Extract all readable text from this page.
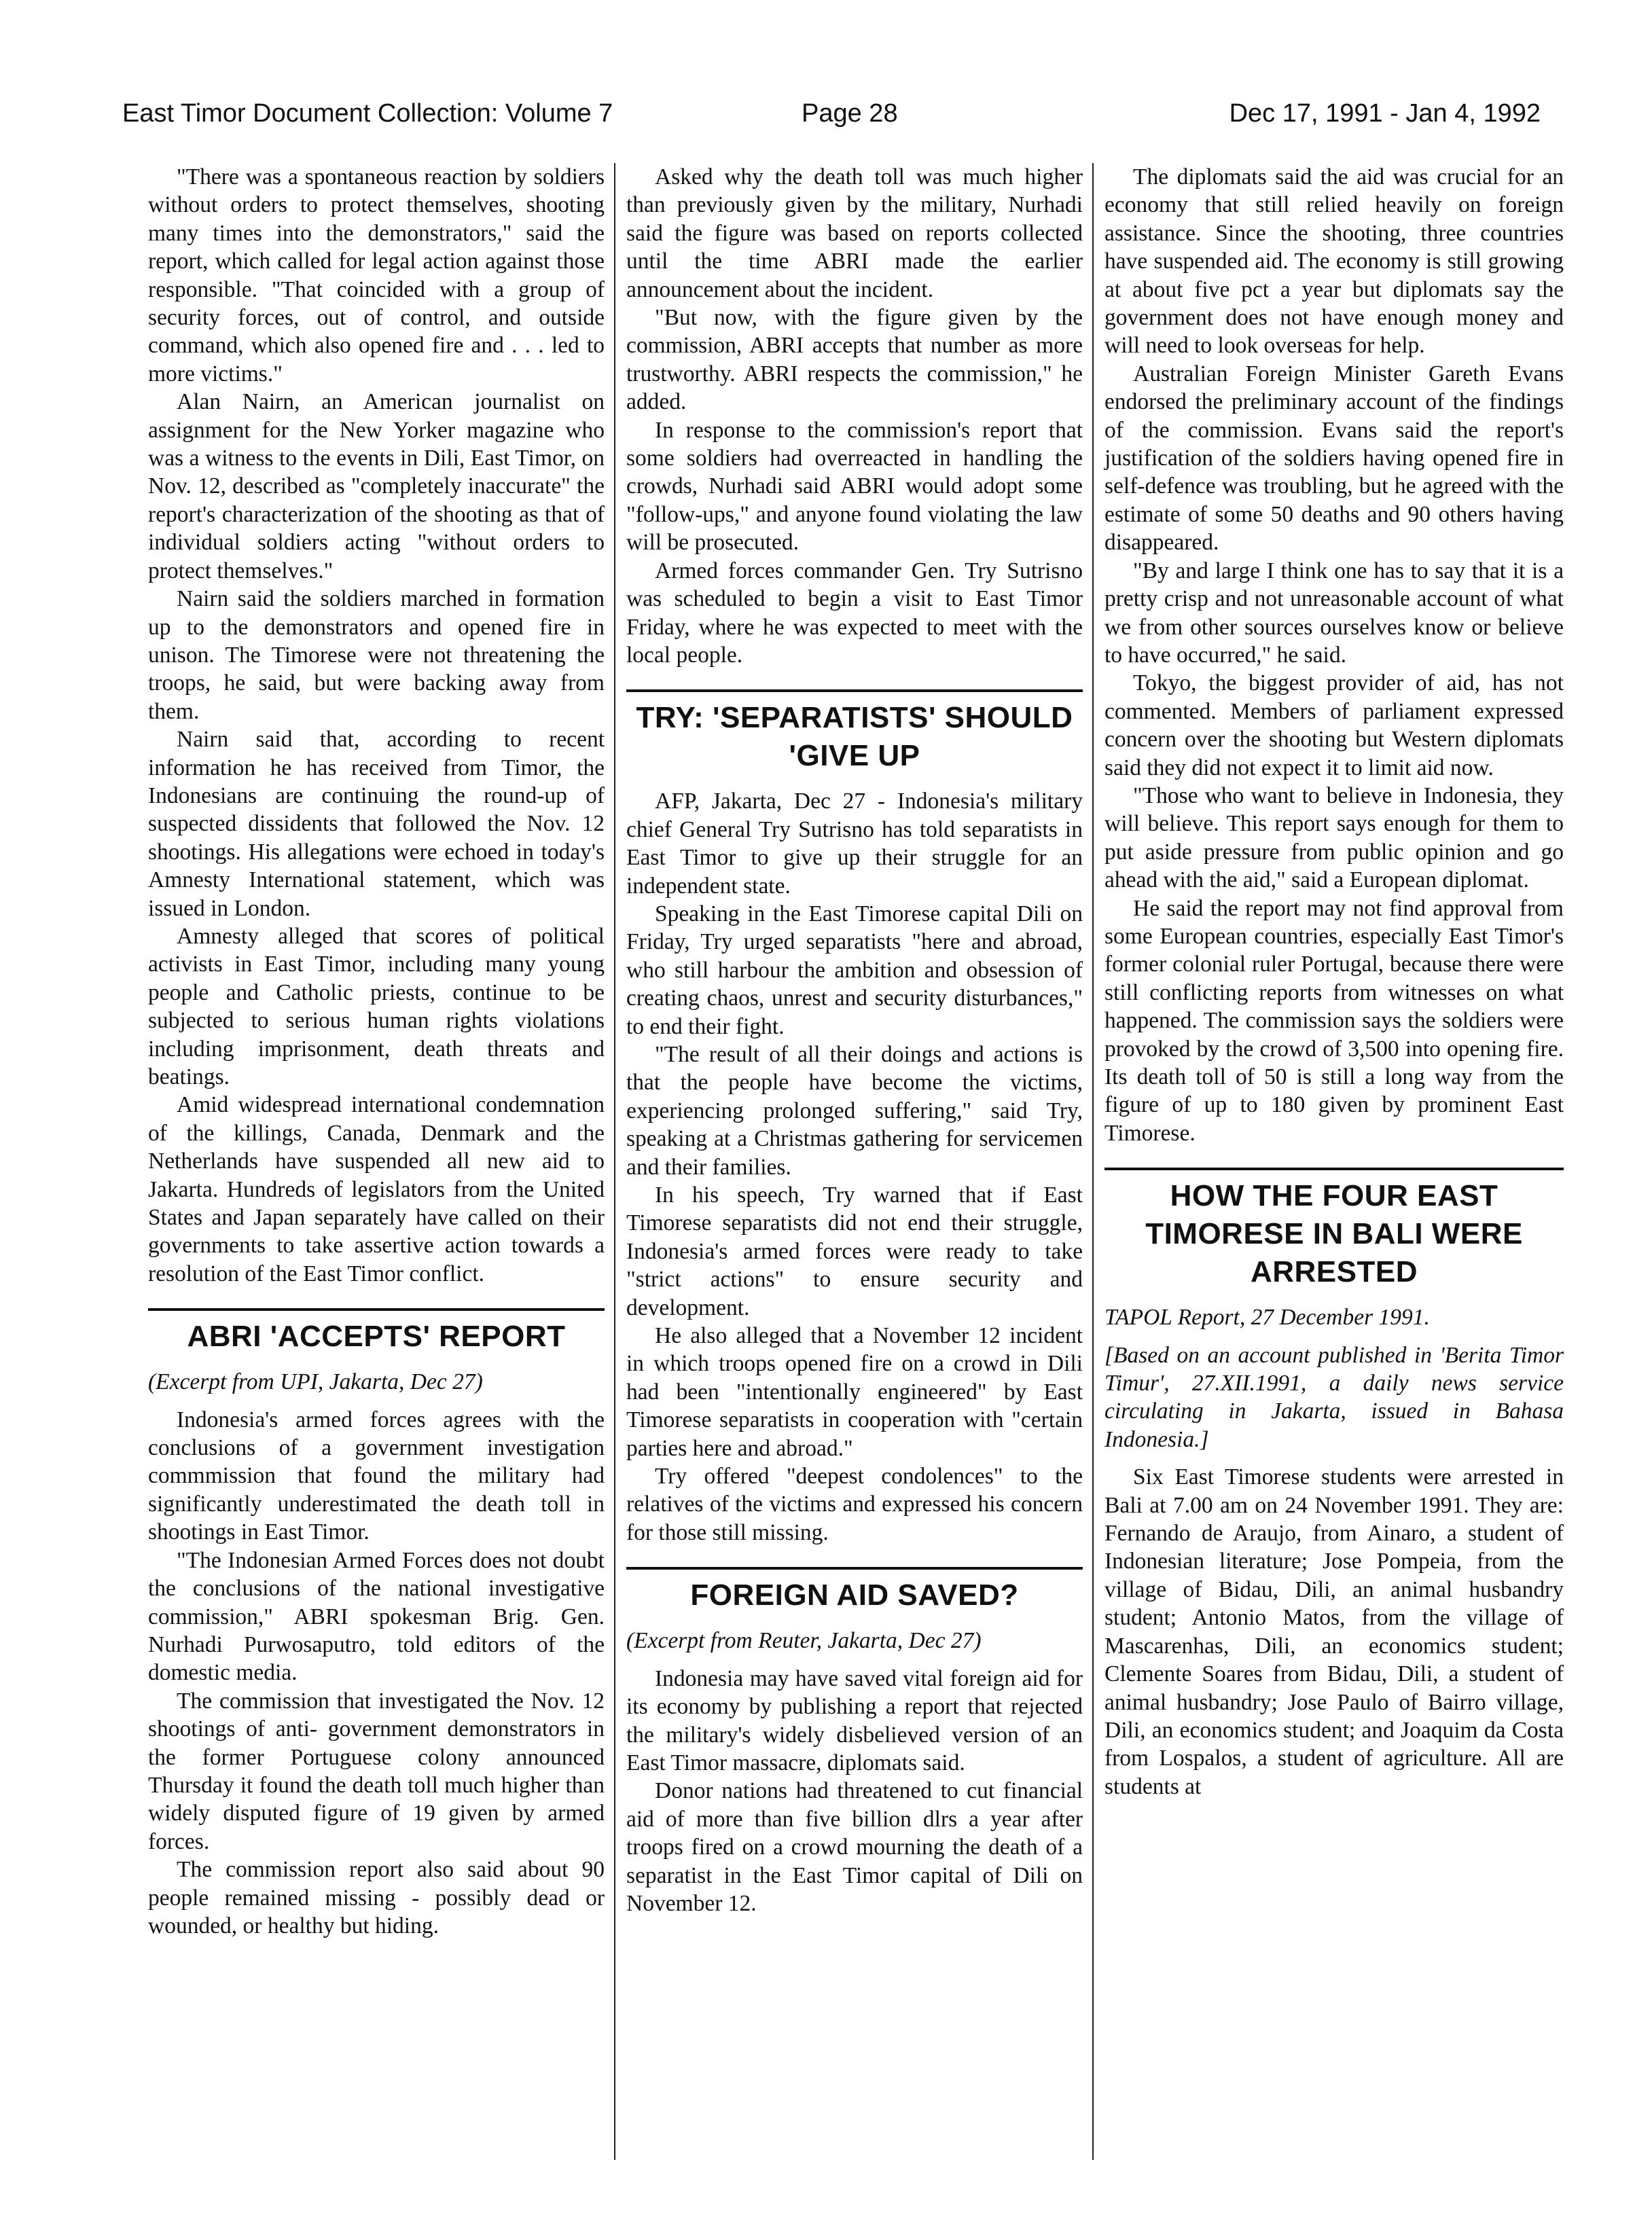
East Timor Document Collection: Volume 7	Page 28	Dec 17, 1991 - Jan 4, 1992

"There was a spontaneous reaction by soldiers without orders to protect themselves, shooting many times into the demonstrators," said the report, which called for legal action against those responsible. "That coincided with a group of security forces, out of control, and outside command, which also opened fire and . . . led to more victims."

Alan Nairn, an American journalist on assignment for the New Yorker magazine who was a witness to the events in Dili, East Timor, on Nov. 12, described as "completely inaccurate" the report's characterization of the shooting as that of individual soldiers acting "without orders to protect themselves."

Nairn said the soldiers marched in formation up to the demonstrators and opened fire in unison. The Timorese were not threatening the troops, he said, but were backing away from them.

Nairn said that, according to recent information he has received from Timor, the Indonesians are continuing the round-up of suspected dissidents that followed the Nov. 12 shootings. His allegations were echoed in today's Amnesty International statement, which was issued in London.

Amnesty alleged that scores of political activists in East Timor, including many young people and Catholic priests, continue to be subjected to serious human rights violations including imprisonment, death threats and beatings.

Amid widespread international condemnation of the killings, Canada, Denmark and the Netherlands have suspended all new aid to Jakarta. Hundreds of legislators from the United States and Japan separately have called on their governments to take assertive action towards a resolution of the East Timor conflict.

ABRI 'ACCEPTS' REPORT

(Excerpt from UPI, Jakarta, Dec 27)

Indonesia's armed forces agrees with the conclusions of a government investigation commmission that found the military had significantly underestimated the death toll in shootings in East Timor.

"The Indonesian Armed Forces does not doubt the conclusions of the national investigative commission," ABRI spokesman Brig. Gen. Nurhadi Purwosaputro, told editors of the domestic media.

The commission that investigated the Nov. 12 shootings of anti- government demonstrators in the former Portuguese colony announced Thursday it found the death toll much higher than widely disputed figure of 19 given by armed forces.

The commission report also said about 90 people remained missing - possibly dead or wounded, or healthy but hiding.

Asked why the death toll was much higher than previously given by the military, Nurhadi said the figure was based on reports collected until the time ABRI made the earlier announcement about the incident.

"But now, with the figure given by the commission, ABRI accepts that number as more trustworthy. ABRI respects the commission," he added.

In response to the commission's report that some soldiers had overreacted in handling the crowds, Nurhadi said ABRI would adopt some "follow-ups," and anyone found violating the law will be prosecuted.

Armed forces commander Gen. Try Sutrisno was scheduled to begin a visit to East Timor Friday, where he was expected to meet with the local people.

TRY: 'SEPARATISTS' SHOULD 'GIVE UP

AFP, Jakarta, Dec 27 - Indonesia's military chief General Try Sutrisno has told separatists in East Timor to give up their struggle for an independent state.

Speaking in the East Timorese capital Dili on Friday, Try urged separatists "here and abroad, who still harbour the ambition and obsession of creating chaos, unrest and security disturbances," to end their fight.

"The result of all their doings and actions is that the people have become the victims, experiencing prolonged suffering," said Try, speaking at a Christmas gathering for servicemen and their families.

In his speech, Try warned that if East Timorese separatists did not end their struggle, Indonesia's armed forces were ready to take "strict actions" to ensure security and development.

He also alleged that a November 12 incident in which troops opened fire on a crowd in Dili had been "intentionally engineered" by East Timorese separatists in cooperation with "certain parties here and abroad."

Try offered "deepest condolences" to the relatives of the victims and expressed his concern for those still missing.

FOREIGN AID SAVED?

(Excerpt from Reuter, Jakarta, Dec 27)

Indonesia may have saved vital foreign aid for its economy by publishing a report that rejected the military's widely disbelieved version of an East Timor massacre, diplomats said.

Donor nations had threatened to cut financial aid of more than five billion dlrs a year after troops fired on a crowd mourning the death of a separatist in the East Timor capital of Dili on November 12.

The diplomats said the aid was crucial for an economy that still relied heavily on foreign assistance. Since the shooting, three countries have suspended aid. The economy is still growing at about five pct a year but diplomats say the government does not have enough money and will need to look overseas for help.

Australian Foreign Minister Gareth Evans endorsed the preliminary account of the findings of the commission. Evans said the report's justification of the soldiers having opened fire in self-defence was troubling, but he agreed with the estimate of some 50 deaths and 90 others having disappeared.

"By and large I think one has to say that it is a pretty crisp and not unreasonable account of what we from other sources ourselves know or believe to have occurred," he said.

Tokyo, the biggest provider of aid, has not commented. Members of parliament expressed concern over the shooting but Western diplomats said they did not expect it to limit aid now.

"Those who want to believe in Indonesia, they will believe. This report says enough for them to put aside pressure from public opinion and go ahead with the aid," said a European diplomat.

He said the report may not find approval from some European countries, especially East Timor's former colonial ruler Portugal, because there were still conflicting reports from witnesses on what happened. The commission says the soldiers were provoked by the crowd of 3,500 into opening fire. Its death toll of 50 is still a long way from the figure of up to 180 given by prominent East Timorese.

HOW THE FOUR EAST TIMORESE IN BALI WERE ARRESTED

TAPOL Report, 27 December 1991.

[Based on an account published in 'Berita Timor Timur', 27.XII.1991, a daily news service circulating in Jakarta, issued in Bahasa Indonesia.]

Six East Timorese students were arrested in Bali at 7.00 am on 24 November 1991. They are: Fernando de Araujo, from Ainaro, a student of Indonesian literature; Jose Pompeia, from the village of Bidau, Dili, an animal husbandry student; Antonio Matos, from the village of Mascarenhas, Dili, an economics student; Clemente Soares from Bidau, Dili, a student of animal husbandry; Jose Paulo of Bairro village, Dili, an economics student; and Joaquim da Costa from Lospalos, a student of agriculture. All are students at
